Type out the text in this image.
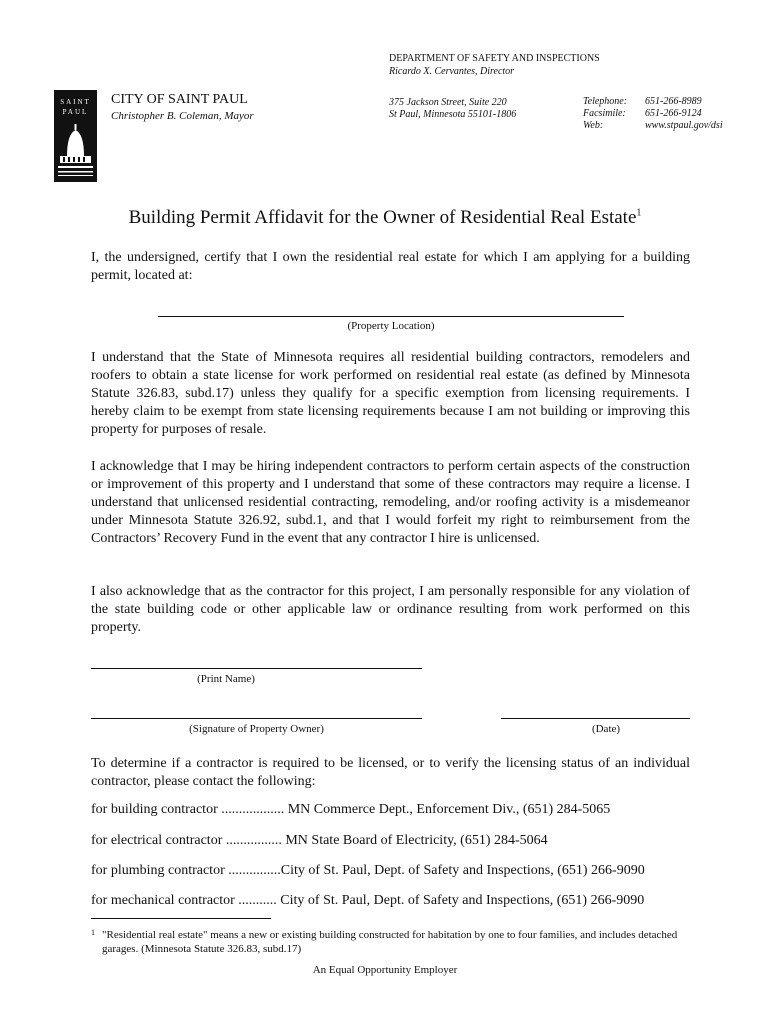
DEPARTMENT OF SAFETY AND INSPECTIONS
Ricardo X. Cervantes, Director
SAINT
PAUL
CITY OF SAINT PAUL
Christopher B. Coleman, Mayor
375 Jackson Street, Suite 220
St Paul, Minnesota 55101-1806
Telephone: 651-266-8989
Facsimile: 651-266-9124
Web:	www.stpaul.gov/dsi
Building Permit Affidavit for the Owner of Residential Real Estate$^1$
I, the undersigned, certify that I own the residential real estate for which I am applying for a building permit, located at:
(Property Location)
I understand that the State of Minnesota requires all residential building contractors, remodelers and roofers to obtain a state license for work performed on residential real estate (as defined by Minnesota Statute 326.83, subd.17) unless they qualify for a specific exemption from licensing requirements. I hereby claim to be exempt from state licensing requirements because I am not building or improving this property for purposes of resale.
I acknowledge that I may be hiring independent contractors to perform certain aspects of the construction or improvement of this property and I understand that some of these contractors may require a license. I understand that unlicensed residential contracting, remodeling, and/or roofing activity is a misdemeanor under Minnesota Statute 326.92, subd.1, and that I would forfeit my right to reimbursement from the Contractors’ Recovery Fund in the event that any contractor I hire is unlicensed.
I also acknowledge that as the contractor for this project, I am personally responsible for any violation of the state building code or other applicable law or ordinance resulting from work performed on this property.
(Print Name)
(Signature of Property Owner)	(Date)
To determine if a contractor is required to be licensed, or to verify the licensing status of an individual contractor, please contact the following:
for building contractor .................. MN Commerce Dept., Enforcement Div., (651) 284-5065
for electrical contractor ................ MN State Board of Electricity, (651) 284-5064
for plumbing contractor ...............City of St. Paul, Dept. of Safety and Inspections, (651) 266-9090
for mechanical contractor ........... City of St. Paul, Dept. of Safety and Inspections, (651) 266-9090
1 "Residential real estate" means a new or existing building constructed for habitation by one to four families, and includes detached garages. (Minnesota Statute 326.83, subd.17)
An Equal Opportunity Employer
